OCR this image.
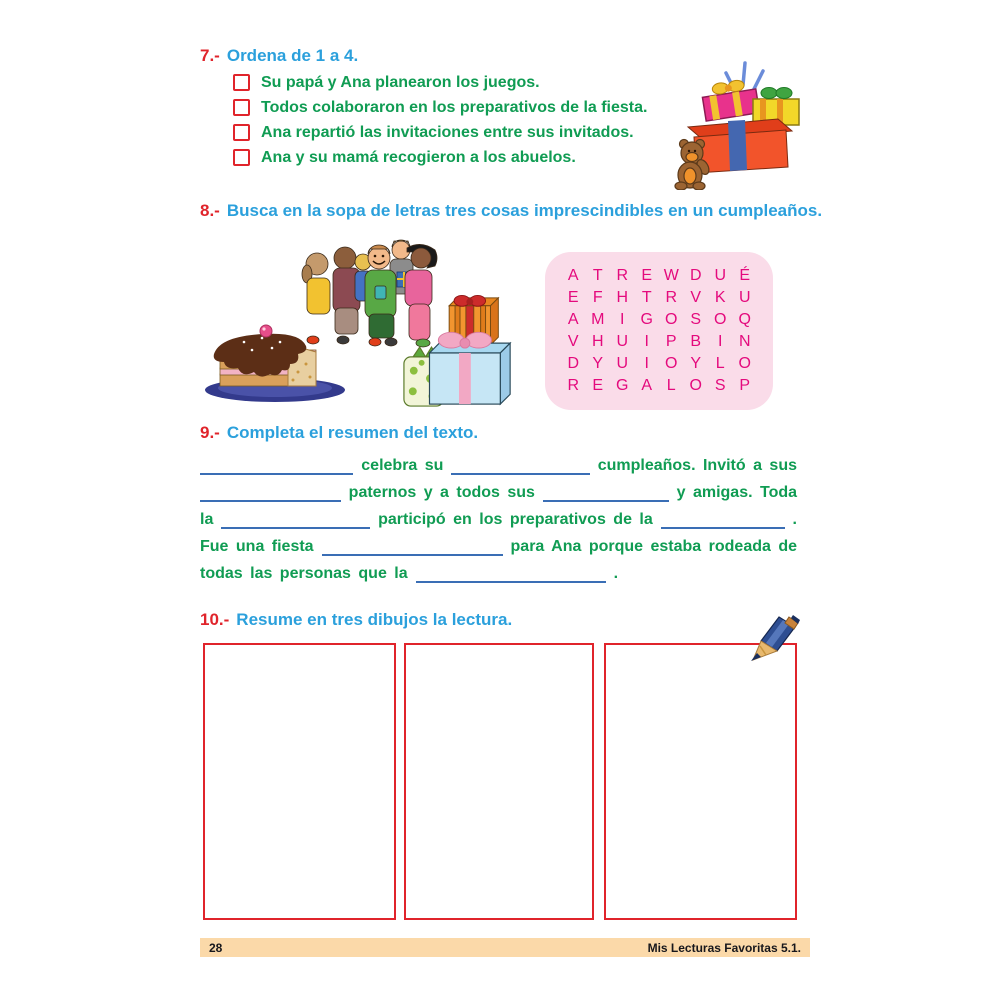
7.- Ordena de 1 a 4.
Su papá y Ana planearon los juegos.
Todos colaboraron en los preparativos de la fiesta.
Ana repartió las invitaciones entre sus invitados.
Ana y su mamá recogieron a los abuelos.
8.- Busca en la sopa de letras tres cosas imprescindibles en un cumpleaños.
A T R E W D U É
E F H T R V K U
A M I G O S O Q
V H U I P B I N
D Y U I O Y L O
R E G A L O S P
9.- Completa el resumen del texto.
celebra su	cumpleaños. Invitó a sus
paternos y a todos sus	y amigas. Toda
la	participó en los preparativos de la	.
Fue una fiesta	para Ana porque estaba rodeada de
todas las personas que la	.
10.- Resume en tres dibujos la lectura.
28	Mis Lecturas Favoritas 5.1.
